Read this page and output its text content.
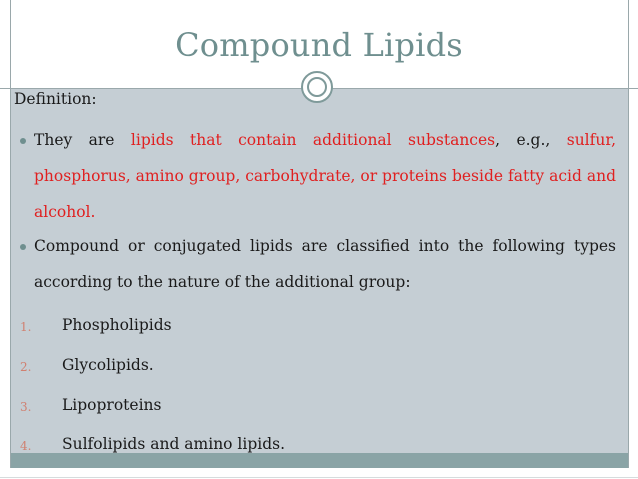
Compound Lipids
Definition:
They are lipids that contain additional substances, e.g., sulfur, phosphorus, amino group, carbohydrate, or proteins beside fatty acid and alcohol.
Compound or conjugated lipids are classified into the following types according to the nature of the additional group:
1. Phospholipids
2. Glycolipids.
3. Lipoproteins
4. Sulfolipids and amino lipids.
